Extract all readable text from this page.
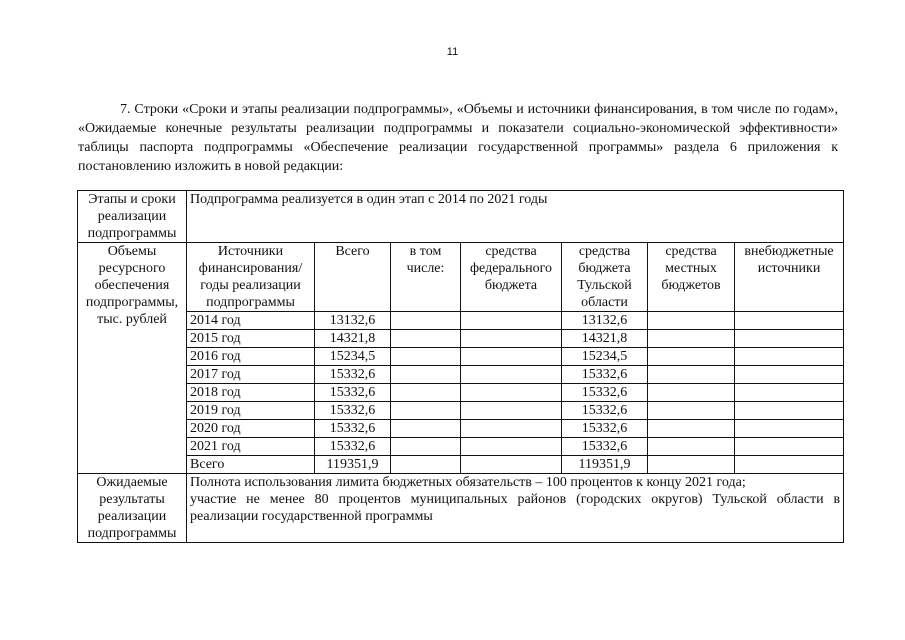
11

7. Строки «Сроки и этапы реализации подпрограммы», «Объемы и источники финансирования, в том числе по годам», «Ожидаемые конечные результаты реализации подпрограммы и показатели социально-экономической эффективности» таблицы паспорта подпрограммы «Обеспечение реализации государственной программы» раздела 6 приложения к постановлению изложить в новой редакции:

Этапы и сроки реализации подпрограммы	Подпрограмма реализуется в один этап с 2014 по 2021 годы						
Объемы ресурсного обеспечения подпрограммы, тыс. рублей	Источники финансирования/ годы реализации подпрограммы	Всего	в том числе:	средства федерального бюджета	средства бюджета Тульской области	средства местных бюджетов	внебюджетные источники
	2014 год	13132,6			13132,6		
	2015 год	14321,8			14321,8		
	2016 год	15234,5			15234,5		
	2017 год	15332,6			15332,6		
	2018 год	15332,6			15332,6		
	2019 год	15332,6			15332,6		
	2020 год	15332,6			15332,6		
	2021 год	15332,6			15332,6		
	Всего	119351,9			119351,9		
Ожидаемые результаты реализации подпрограммы	Полнота использования лимита бюджетных обязательств – 100 процентов к концу 2021 года;
участие не менее 80 процентов муниципальных районов (городских округов) Тульской области в реализации государственной программы						
